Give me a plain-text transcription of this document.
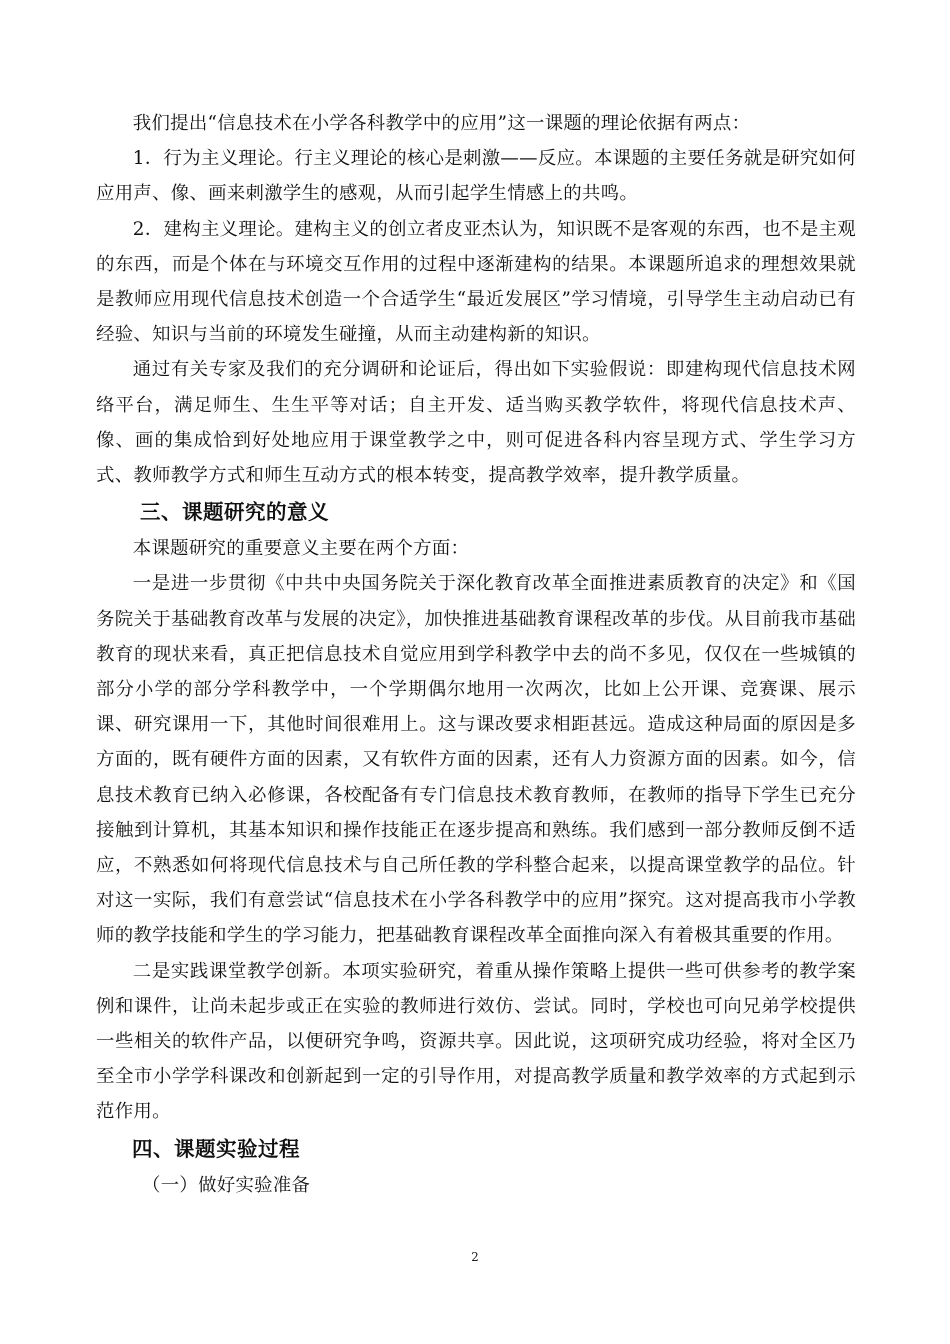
我们提出“信息技术在小学各科教学中的应用”这一课题的理论依据有两点：

1．行为主义理论。行主义理论的核心是刺激——反应。本课题的主要任务就是研究如何应用声、像、画来刺激学生的感观，从而引起学生情感上的共鸣。

2．建构主义理论。建构主义的创立者皮亚杰认为，知识既不是客观的东西，也不是主观的东西，而是个体在与环境交互作用的过程中逐渐建构的结果。本课题所追求的理想效果就是教师应用现代信息技术创造一个合适学生“最近发展区”学习情境，引导学生主动启动已有经验、知识与当前的环境发生碰撞，从而主动建构新的知识。

通过有关专家及我们的充分调研和论证后，得出如下实验假说：即建构现代信息技术网络平台，满足师生、生生平等对话；自主开发、适当购买教学软件，将现代信息技术声、像、画的集成恰到好处地应用于课堂教学之中，则可促进各科内容呈现方式、学生学习方式、教师教学方式和师生互动方式的根本转变，提高教学效率，提升教学质量。

三、课题研究的意义

本课题研究的重要意义主要在两个方面：

一是进一步贯彻《中共中央国务院关于深化教育改革全面推进素质教育的决定》和《国务院关于基础教育改革与发展的决定》，加快推进基础教育课程改革的步伐。从目前我市基础教育的现状来看，真正把信息技术自觉应用到学科教学中去的尚不多见，仅仅在一些城镇的部分小学的部分学科教学中，一个学期偶尔地用一次两次，比如上公开课、竞赛课、展示课、研究课用一下，其他时间很难用上。这与课改要求相距甚远。造成这种局面的原因是多方面的，既有硬件方面的因素，又有软件方面的因素，还有人力资源方面的因素。如今，信息技术教育已纳入必修课，各校配备有专门信息技术教育教师，在教师的指导下学生已充分接触到计算机，其基本知识和操作技能正在逐步提高和熟练。我们感到一部分教师反倒不适应，不熟悉如何将现代信息技术与自己所任教的学科整合起来，以提高课堂教学的品位。针对这一实际，我们有意尝试“信息技术在小学各科教学中的应用”探究。这对提高我市小学教师的教学技能和学生的学习能力，把基础教育课程改革全面推向深入有着极其重要的作用。

二是实践课堂教学创新。本项实验研究，着重从操作策略上提供一些可供参考的教学案例和课件，让尚未起步或正在实验的教师进行效仿、尝试。同时，学校也可向兄弟学校提供一些相关的软件产品，以便研究争鸣，资源共享。因此说，这项研究成功经验，将对全区乃至全市小学学科课改和创新起到一定的引导作用，对提高教学质量和教学效率的方式起到示范作用。

四、课题实验过程

（一）做好实验准备

2
